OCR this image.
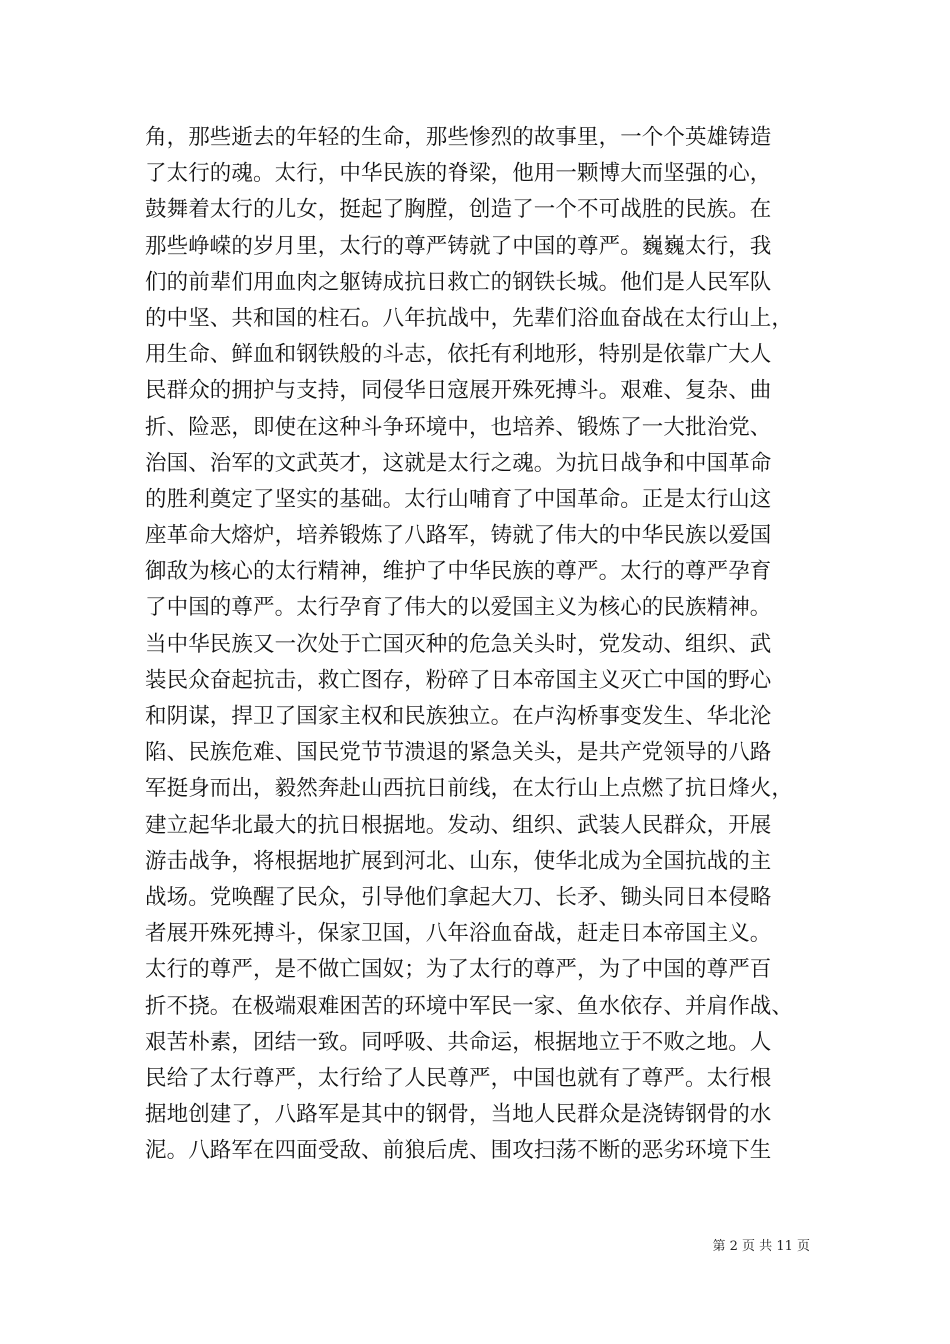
角，那些逝去的年轻的生命，那些惨烈的故事里，一个个英雄铸造
了太行的魂。太行，中华民族的脊梁，他用一颗博大而坚强的心，
鼓舞着太行的儿女，挺起了胸膛，创造了一个不可战胜的民族。在
那些峥嵘的岁月里，太行的尊严铸就了中国的尊严。巍巍太行，我
们的前辈们用血肉之躯铸成抗日救亡的钢铁长城。他们是人民军队
的中坚、共和国的柱石。八年抗战中，先辈们浴血奋战在太行山上，
用生命、鲜血和钢铁般的斗志，依托有利地形，特别是依靠广大人
民群众的拥护与支持，同侵华日寇展开殊死搏斗。艰难、复杂、曲
折、险恶，即使在这种斗争环境中，也培养、锻炼了一大批治党、
治国、治军的文武英才，这就是太行之魂。为抗日战争和中国革命
的胜利奠定了坚实的基础。太行山哺育了中国革命。正是太行山这
座革命大熔炉，培养锻炼了八路军，铸就了伟大的中华民族以爱国
御敌为核心的太行精神，维护了中华民族的尊严。太行的尊严孕育
了中国的尊严。太行孕育了伟大的以爱国主义为核心的民族精神。
当中华民族又一次处于亡国灭种的危急关头时，党发动、组织、武
装民众奋起抗击，救亡图存，粉碎了日本帝国主义灭亡中国的野心
和阴谋，捍卫了国家主权和民族独立。在卢沟桥事变发生、华北沦
陷、民族危难、国民党节节溃退的紧急关头，是共产党领导的八路
军挺身而出，毅然奔赴山西抗日前线，在太行山上点燃了抗日烽火，
建立起华北最大的抗日根据地。发动、组织、武装人民群众，开展
游击战争，将根据地扩展到河北、山东，使华北成为全国抗战的主
战场。党唤醒了民众，引导他们拿起大刀、长矛、锄头同日本侵略
者展开殊死搏斗，保家卫国，八年浴血奋战，赶走日本帝国主义。
太行的尊严，是不做亡国奴；为了太行的尊严，为了中国的尊严百
折不挠。在极端艰难困苦的环境中军民一家、鱼水依存、并肩作战、
艰苦朴素，团结一致。同呼吸、共命运，根据地立于不败之地。人
民给了太行尊严，太行给了人民尊严，中国也就有了尊严。太行根
据地创建了，八路军是其中的钢骨，当地人民群众是浇铸钢骨的水
泥。八路军在四面受敌、前狼后虎、围攻扫荡不断的恶劣环境下生
第 2 页 共 11 页
